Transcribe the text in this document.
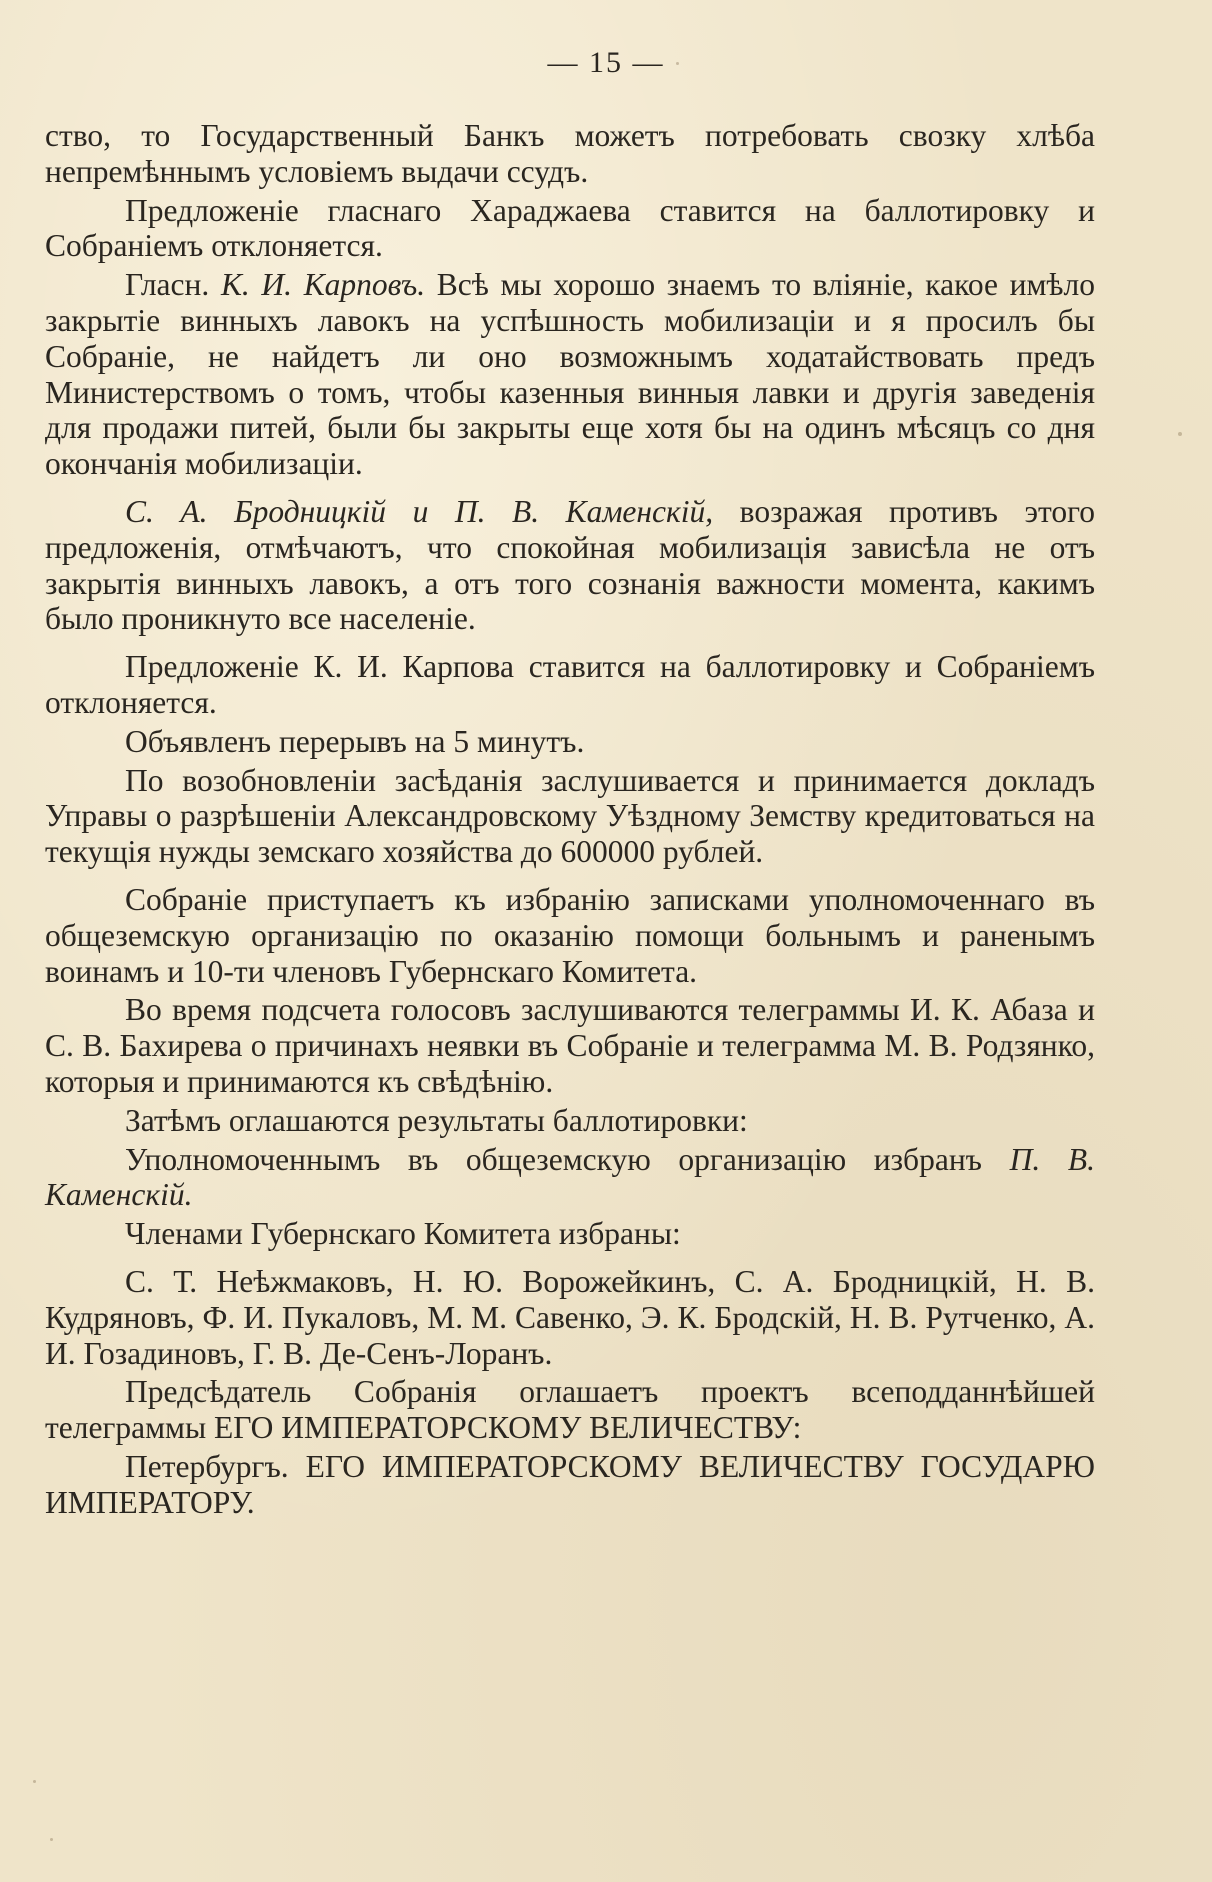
— 15 —

ство, то Государственный Банкъ можетъ потребовать свозку хлѣба непремѣннымъ условіемъ выдачи ссудъ.

Предложеніе гласнаго Хараджаева ставится на баллотировку и Собраніемъ отклоняется.

Гласн. К. И. Карповъ. Всѣ мы хорошо знаемъ то вліяніе, какое имѣло закрытіе винныхъ лавокъ на успѣшность мобилизаціи и я просилъ бы Собраніе, не найдетъ ли оно возможнымъ ходатайствовать предъ Министерствомъ о томъ, чтобы казенныя винныя лавки и другія заведенія для продажи питей, были бы закрыты еще хотя бы на одинъ мѣсяцъ со дня окончанія мобилизаціи.

С. А. Бродницкій и П. В. Каменскій, возражая противъ этого предложенія, отмѣчаютъ, что спокойная мобилизація зависѣла не отъ закрытія винныхъ лавокъ, а отъ того сознанія важности момента, какимъ было проникнуто все населеніе.

Предложеніе К. И. Карпова ставится на баллотировку и Собраніемъ отклоняется.

Объявленъ перерывъ на 5 минутъ.

По возобновленіи засѣданія заслушивается и принимается докладъ Управы о разрѣшеніи Александровскому Уѣздному Земству кредитоваться на текущія нужды земскаго хозяйства до 600000 рублей.

Собраніе приступаетъ къ избранію записками уполномоченнаго въ общеземскую организацію по оказанію помощи больнымъ и раненымъ воинамъ и 10-ти членовъ Губернскаго Комитета.

Во время подсчета голосовъ заслушиваются телеграммы И. К. Абаза и С. В. Бахирева о причинахъ неявки въ Собраніе и телеграмма М. В. Родзянко, которыя и принимаются къ свѣдѣнію.

Затѣмъ оглашаются результаты баллотировки:

Уполномоченнымъ въ общеземскую организацію избранъ П. В. Каменскій.

Членами Губернскаго Комитета избраны:

С. Т. Неѣжмаковъ, Н. Ю. Ворожейкинъ, С. А. Бродницкій, Н. В. Кудряновъ, Ф. И. Пукаловъ, М. М. Савенко, Э. К. Бродскій, Н. В. Рутченко, А. И. Гозадиновъ, Г. В. Де-Сенъ-Лоранъ.

Предсѣдатель Собранія оглашаетъ проектъ всеподданнѣйшей телеграммы ЕГО ИМПЕРАТОРСКОМУ ВЕЛИЧЕСТВУ:

Петербургъ. ЕГО ИМПЕРАТОРСКОМУ ВЕЛИЧЕСТВУ ГОСУДАРЮ ИМПЕРАТОРУ.
